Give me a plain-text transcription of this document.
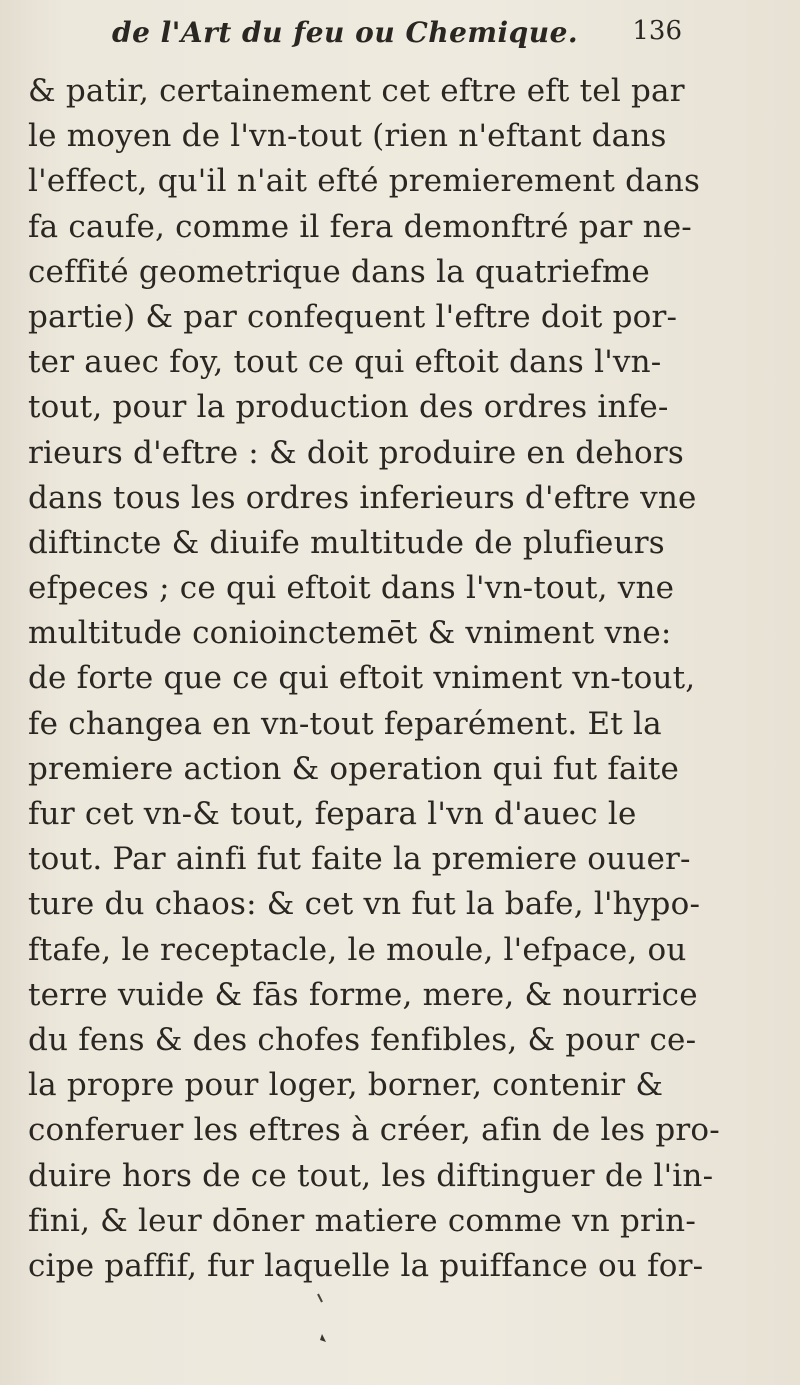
de l'Art du feu ou Chemique. 136
& patir, certainement cet eftre eft tel par
le moyen de l'vn-tout (rien n'eftant dans
l'effect, qu'il n'ait efté premierement dans
fa caufe, comme il fera demonftré par ne-
ceffité geometrique dans la quatriefme
partie) & par confequent l'eftre doit por-
ter auec foy, tout ce qui eftoit dans l'vn-
tout, pour la production des ordres infe-
rieurs d'eftre : & doit produire en dehors
dans tous les ordres inferieurs d'eftre vne
diftincte & diuife multitude de plufieurs
efpeces ; ce qui eftoit dans l'vn-tout, vne
multitude conioinctemēt & vniment vne:
de forte que ce qui eftoit vniment vn-tout,
fe changea en vn-tout feparément. Et la
premiere action & operation qui fut faite
fur cet vn-& tout, fepara l'vn d'auec le
tout. Par ainfi fut faite la premiere ouuer-
ture du chaos: & cet vn fut la bafe, l'hypo-
ftafe, le receptacle, le moule, l'efpace, ou
terre vuide & fās forme, mere, & nourrice
du fens & des chofes fenfibles, & pour ce-
la propre pour loger, borner, contenir &
conferuer les eftres à créer, afin de les pro-
duire hors de ce tout, les diftinguer de l'in-
fini, & leur dōner matiere comme vn prin-
cipe paffif, fur laquelle la puiffance ou for-
